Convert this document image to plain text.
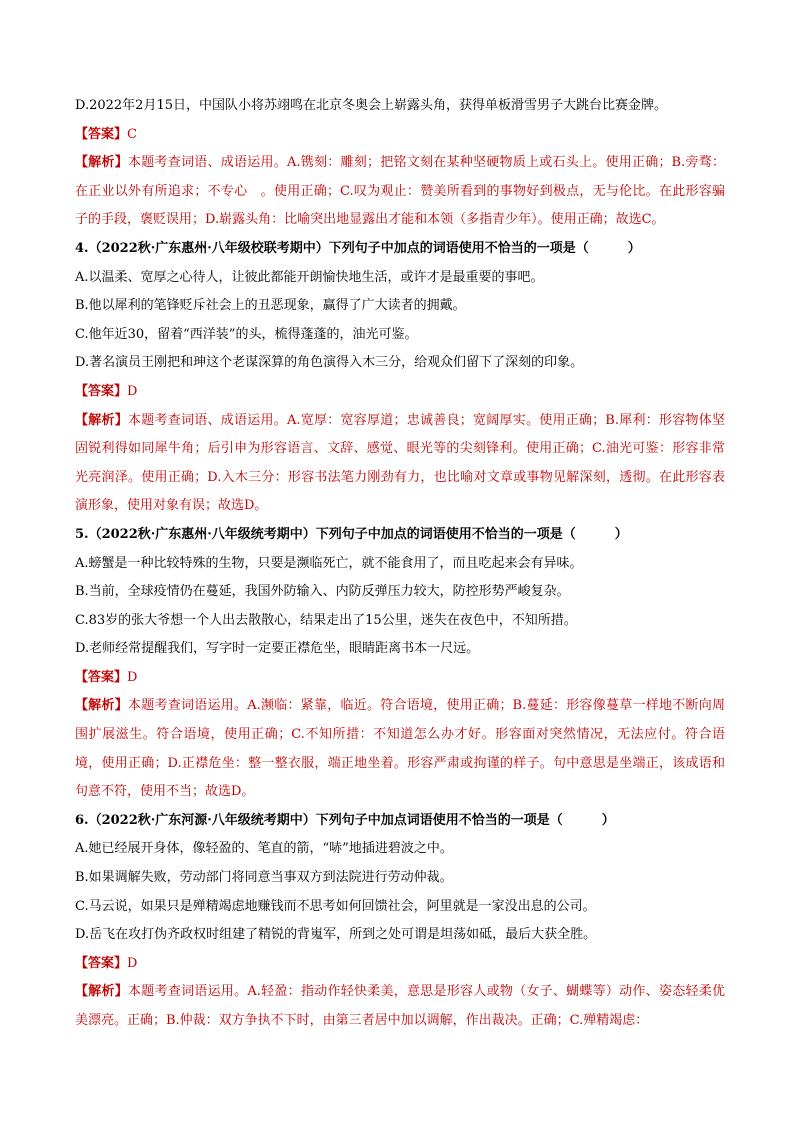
D.2022年2月15日，中国队小将苏翊鸣在北京冬奥会上崭露头角，获得单板滑雪男子大跳台比赛金牌。
【答案】C
【解析】本题考查词语、成语运用。A.镌刻：雕刻；把铭文刻在某种坚硬物质上或石头上。使用正确；B.旁骛：在正业以外有所追求；不专心　。使用正确；C.叹为观止：赞美所看到的事物好到极点，无与伦比。在此形容骗子的手段，褒贬误用；D.崭露头角：比喻突出地显露出才能和本领（多指青少年）。使用正确；故选C。
4.（2022秋·广东惠州·八年级校联考期中）下列句子中加点的词语使用不恰当的一项是（　　　）
A.以温柔、宽厚之心待人，让彼此都能开朗愉快地生活，或许才是最重要的事吧。
B.他以犀利的笔锋贬斥社会上的丑恶现象，赢得了广大读者的拥戴。
C.他年近30，留着“西洋装”的头，梳得蓬蓬的，油光可鉴。
D.著名演员王刚把和珅这个老谋深算的角色演得入木三分，给观众们留下了深刻的印象。
【答案】D
【解析】本题考查词语、成语运用。A.宽厚：宽容厚道；忠诚善良；宽阔厚实。使用正确；B.犀利：形容物体坚固锐利得如同犀牛角；后引申为形容语言、文辞、感觉、眼光等的尖刻锋利。使用正确；C.油光可鉴：形容非常光亮润泽。使用正确；D.入木三分：形容书法笔力刚劲有力，也比喻对文章或事物见解深刻，透彻。在此形容表演形象，使用对象有误；故选D。
5.（2022秋·广东惠州·八年级统考期中）下列句子中加点的词语使用不恰当的一项是（　　　）
A.螃蟹是一种比较特殊的生物，只要是濒临死亡，就不能食用了，而且吃起来会有异味。
B.当前，全球疫情仍在蔓延，我国外防输入、内防反弹压力较大，防控形势严峻复杂。
C.83岁的张大爷想一个人出去散散心，结果走出了15公里，迷失在夜色中，不知所措。
D.老师经常提醒我们，写字时一定要正襟危坐，眼睛距离书本一尺远。
【答案】D
【解析】本题考查词语运用。A.濒临：紧靠，临近。符合语境，使用正确；B.蔓延：形容像蔓草一样地不断向周围扩展滋生。符合语境，使用正确；C.不知所措：不知道怎么办才好。形容面对突然情况，无法应付。符合语境，使用正确；D.正襟危坐：整一整衣服，端正地坐着。形容严肃或拘谨的样子。句中意思是坐端正，该成语和句意不符，使用不当；故选D。
6.（2022秋·广东河源·八年级统考期中）下列句子中加点词语使用不恰当的一项是（　　　）
A.她已经展开身体，像轻盈的、笔直的箭，“哧”地插进碧波之中。
B.如果调解失败，劳动部门将同意当事双方到法院进行劳动仲裁。
C.马云说，如果只是殚精竭虑地赚钱而不思考如何回馈社会，阿里就是一家没出息的公司。
D.岳飞在攻打伪齐政权时组建了精锐的背嵬军，所到之处可谓是坦荡如砥，最后大获全胜。
【答案】D
【解析】本题考查词语运用。A.轻盈：指动作轻快柔美，意思是形容人或物（女子、蝴蝶等）动作、姿态轻柔优美漂亮。正确；B.仲裁：双方争执不下时，由第三者居中加以调解，作出裁决。正确；C.殚精竭虑：
